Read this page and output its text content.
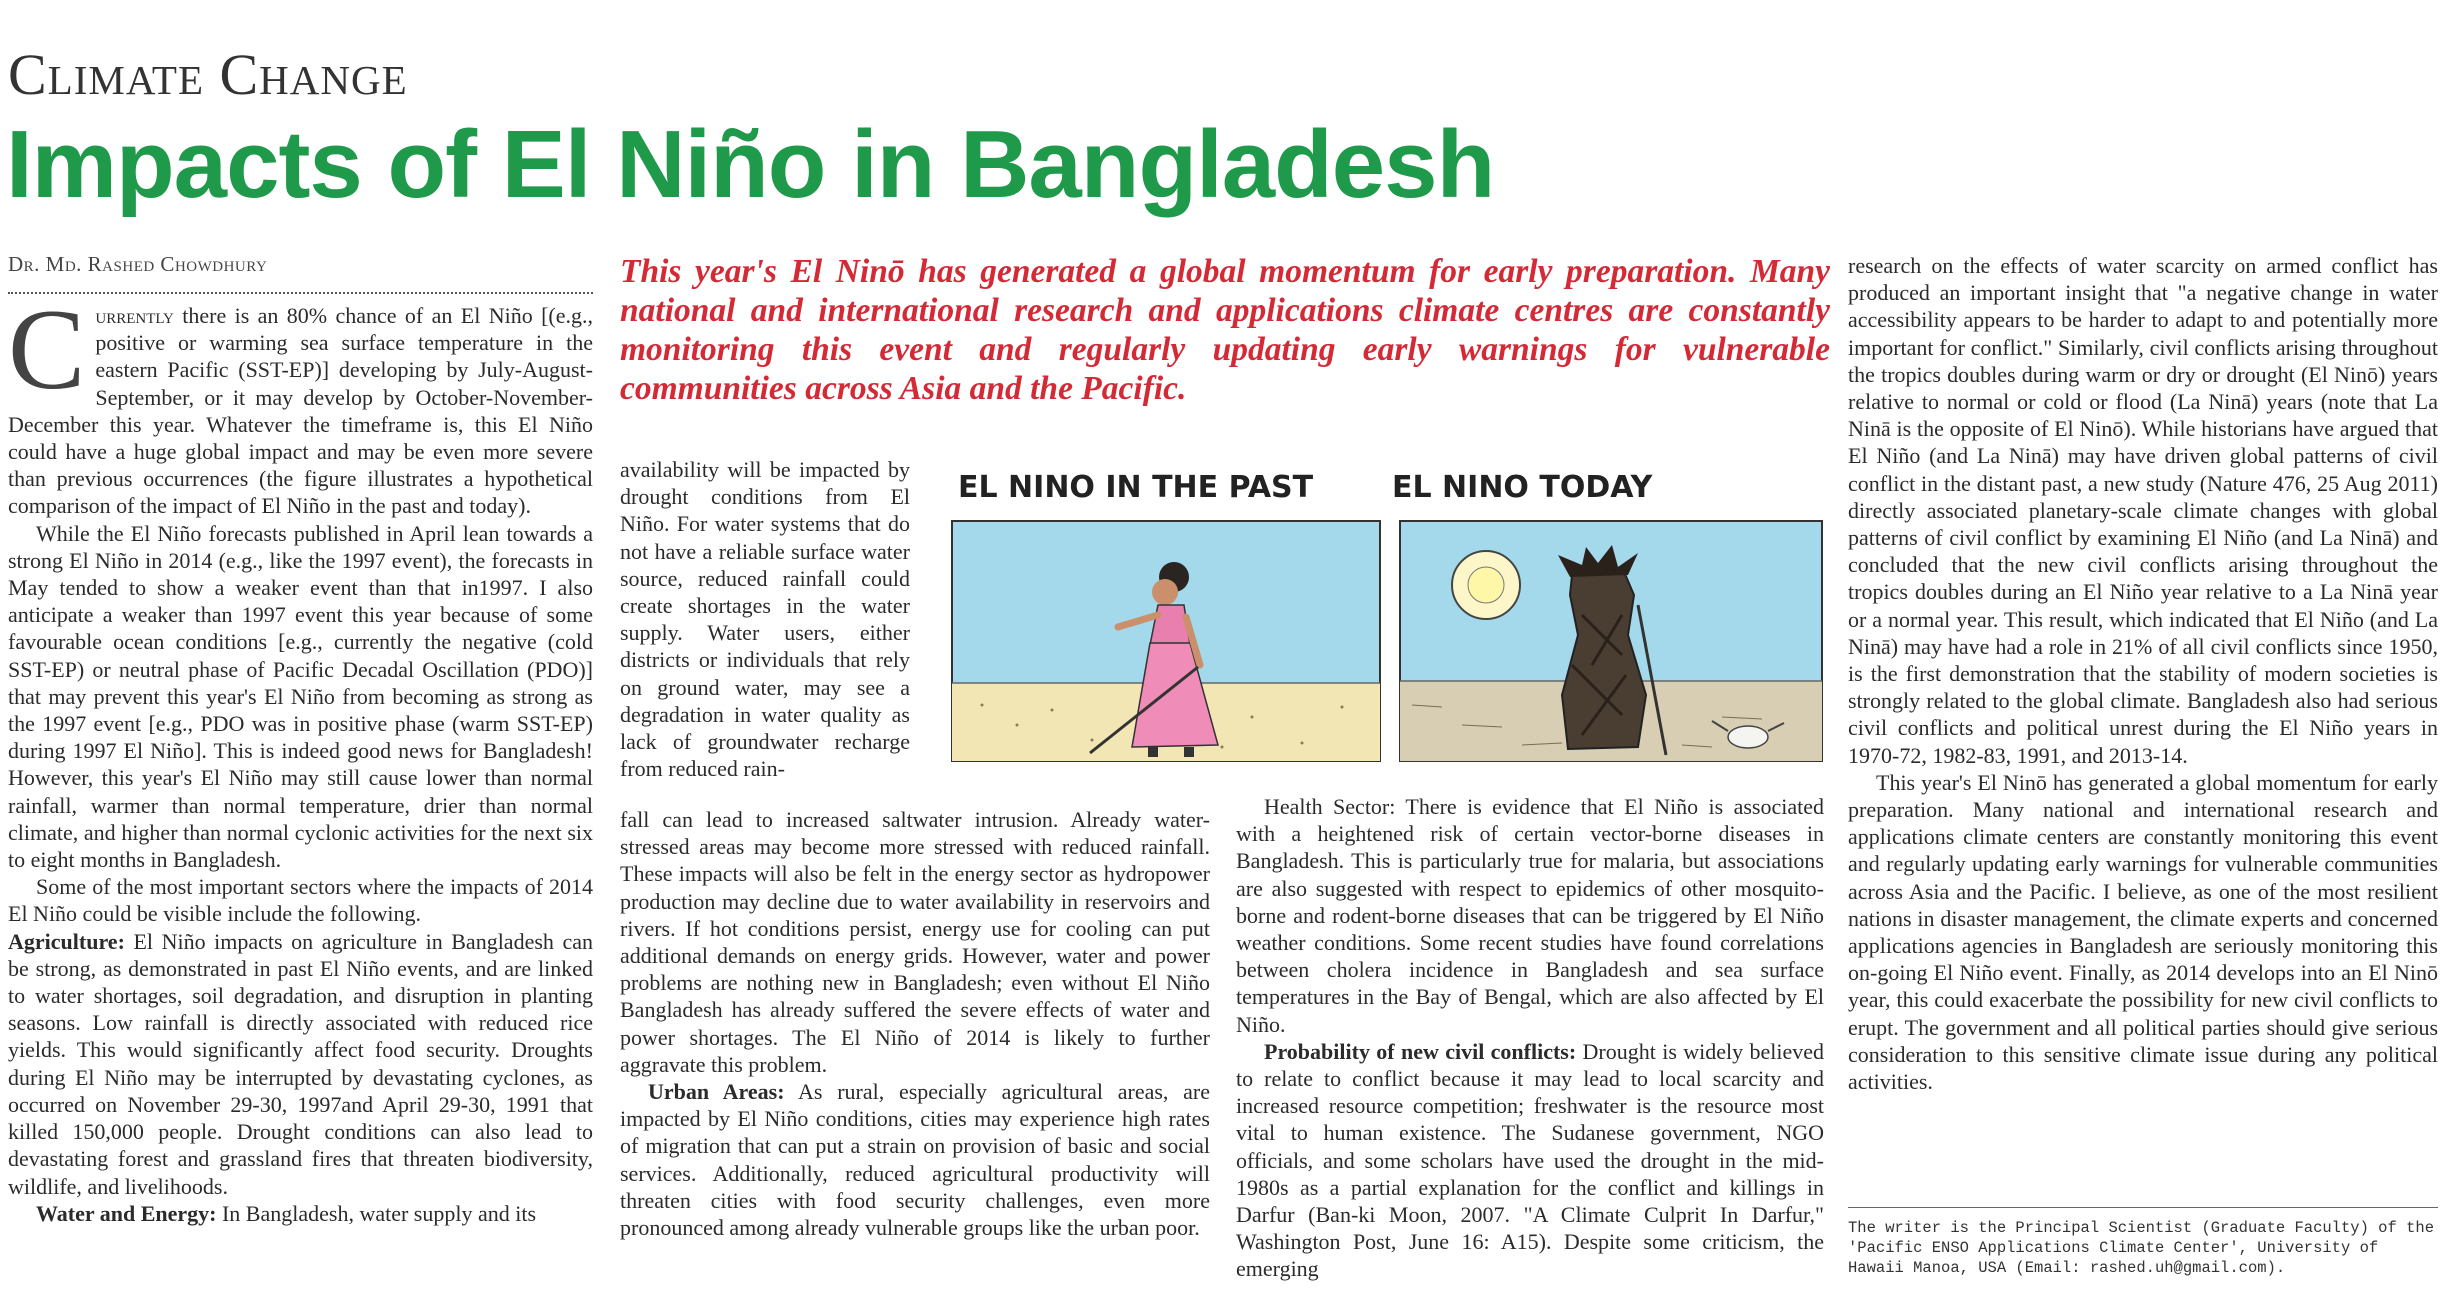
Climate Change
Impacts of El Niño in Bangladesh
Dr. Md. Rashed Chowdhury

Currently there is an 80% chance of an El Niño [(e.g., positive or warming sea surface temperature in the eastern Pacific (SST-EP)] developing by July-August-September, or it may develop by October-November-December this year. Whatever the timeframe is, this El Niño could have a huge global impact and may be even more severe than previous occurrences (the figure illustrates a hypothetical comparison of the impact of El Niño in the past and today).

While the El Niño forecasts published in April lean towards a strong El Niño in 2014 (e.g., like the 1997 event), the forecasts in May tended to show a weaker event than that in1997. I also anticipate a weaker than 1997 event this year because of some favourable ocean conditions [e.g., currently the negative (cold SST-EP) or neutral phase of Pacific Decadal Oscillation (PDO)] that may prevent this year's El Niño from becoming as strong as the 1997 event [e.g., PDO was in positive phase (warm SST-EP) during 1997 El Niño]. This is indeed good news for Bangladesh! However, this year's El Niño may still cause lower than normal rainfall, warmer than normal temperature, drier than normal climate, and higher than normal cyclonic activities for the next six to eight months in Bangladesh.

Some of the most important sectors where the impacts of 2014 El Niño could be visible include the following.

Agriculture: El Niño impacts on agriculture in Bangladesh can be strong, as demonstrated in past El Niño events, and are linked to water shortages, soil degradation, and disruption in planting seasons. Low rainfall is directly associated with reduced rice yields. This would significantly affect food security. Droughts during El Niño may be interrupted by devastating cyclones, as occurred on November 29-30, 1997and April 29-30, 1991 that killed 150,000 people. Drought conditions can also lead to devastating forest and grassland fires that threaten biodiversity, wildlife, and livelihoods.

Water and Energy: In Bangladesh, water supply and its

This year's El Ninō has generated a global momentum for early preparation. Many national and international research and applications climate centres are constantly monitoring this event and regularly updating early warnings for vulnerable communities across Asia and the Pacific.
EL NINO IN THE PAST	EL NINO TODAY

availability will be impacted by drought conditions from El Niño. For water systems that do not have a reliable surface water source, reduced rainfall could create shortages in the water supply. Water users, either districts or individuals that rely on ground water, may see a degradation in water quality as lack of groundwater recharge from reduced rain-

fall can lead to increased saltwater intrusion. Already water-stressed areas may become more stressed with reduced rainfall. These impacts will also be felt in the energy sector as hydropower production may decline due to water availability in reservoirs and rivers. If hot conditions persist, energy use for cooling can put additional demands on energy grids. However, water and power problems are nothing new in Bangladesh; even without El Niño Bangladesh has already suffered the severe effects of water and power shortages. The El Niño of 2014 is likely to further aggravate this problem.

Urban Areas: As rural, especially agricultural areas, are impacted by El Niño conditions, cities may experience high rates of migration that can put a strain on provision of basic and social services. Additionally, reduced agricultural productivity will threaten cities with food security challenges, even more pronounced among already vulnerable groups like the urban poor.

Health Sector: There is evidence that El Niño is associated with a heightened risk of certain vector-borne diseases in Bangladesh. This is particularly true for malaria, but associations are also suggested with respect to epidemics of other mosquito-borne and rodent-borne diseases that can be triggered by El Niño weather conditions. Some recent studies have found correlations between cholera incidence in Bangladesh and sea surface temperatures in the Bay of Bengal, which are also affected by El Niño.

Probability of new civil conflicts: Drought is widely believed to relate to conflict because it may lead to local scarcity and increased resource competition; freshwater is the resource most vital to human existence. The Sudanese government, NGO officials, and some scholars have used the drought in the mid-1980s as a partial explanation for the conflict and killings in Darfur (Ban-ki Moon, 2007. "A Climate Culprit In Darfur," Washington Post, June 16: A15). Despite some criticism, the emerging

research on the effects of water scarcity on armed conflict has produced an important insight that "a negative change in water accessibility appears to be harder to adapt to and potentially more important for conflict." Similarly, civil conflicts arising throughout the tropics doubles during warm or dry or drought (El Ninō) years relative to normal or cold or flood (La Ninā) years (note that La Ninā is the opposite of El Ninō). While historians have argued that El Niño (and La Ninā) may have driven global patterns of civil conflict in the distant past, a new study (Nature 476, 25 Aug 2011) directly associated planetary-scale climate changes with global patterns of civil conflict by examining El Niño (and La Ninā) and concluded that the new civil conflicts arising throughout the tropics doubles during an El Niño year relative to a La Ninā year or a normal year. This result, which indicated that El Niño (and La Ninā) may have had a role in 21% of all civil conflicts since 1950, is the first demonstration that the stability of modern societies is strongly related to the global climate. Bangladesh also had serious civil conflicts and political unrest during the El Niño years in 1970-72, 1982-83, 1991, and 2013-14.

This year's El Ninō has generated a global momentum for early preparation. Many national and international research and applications climate centers are constantly monitoring this event and regularly updating early warnings for vulnerable communities across Asia and the Pacific. I believe, as one of the most resilient nations in disaster management, the climate experts and concerned applications agencies in Bangladesh are seriously monitoring this on-going El Niño event. Finally, as 2014 develops into an El Ninō year, this could exacerbate the possibility for new civil conflicts to erupt. The government and all political parties should give serious consideration to this sensitive climate issue during any political activities.

The writer is the Principal Scientist (Graduate Faculty) of the 'Pacific ENSO Applications Climate Center', University of Hawaii Manoa, USA (Email: rashed.uh@gmail.com).
